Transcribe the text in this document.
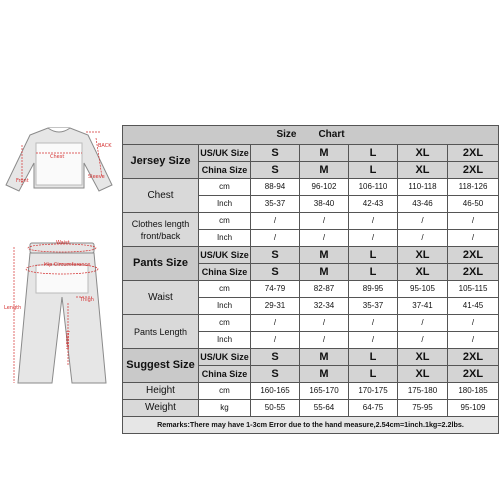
BACK
Chest
Front
Sleeve
Waist
Hip Circumference
Length
Thigh
Inseam
Size Chart						
Jersey Size	US/UK Size	S	M	L	XL	2XL
	China Size	S	M	L	XL	2XL
Chest	cm	88-94	96-102	106-110	110-118	118-126
	Inch	35-37	38-40	42-43	43-46	46-50
Clothes length front/back	cm	/	/	/	/	/
	Inch	/	/	/	/	/
Pants Size	US/UK Size	S	M	L	XL	2XL
	China Size	S	M	L	XL	2XL
Waist	cm	74-79	82-87	89-95	95-105	105-115
	Inch	29-31	32-34	35-37	37-41	41-45
Pants Length	cm	/	/	/	/	/
	Inch	/	/	/	/	/
Suggest Size	US/UK Size	S	M	L	XL	2XL
	China Size	S	M	L	XL	2XL
Height	cm	160-165	165-170	170-175	175-180	180-185
Weight	kg	50-55	55-64	64-75	75-95	95-109
Remarks:There may have 1-3cm Error due to the hand measure,2.54cm=1inch.1kg=2.2lbs.						
